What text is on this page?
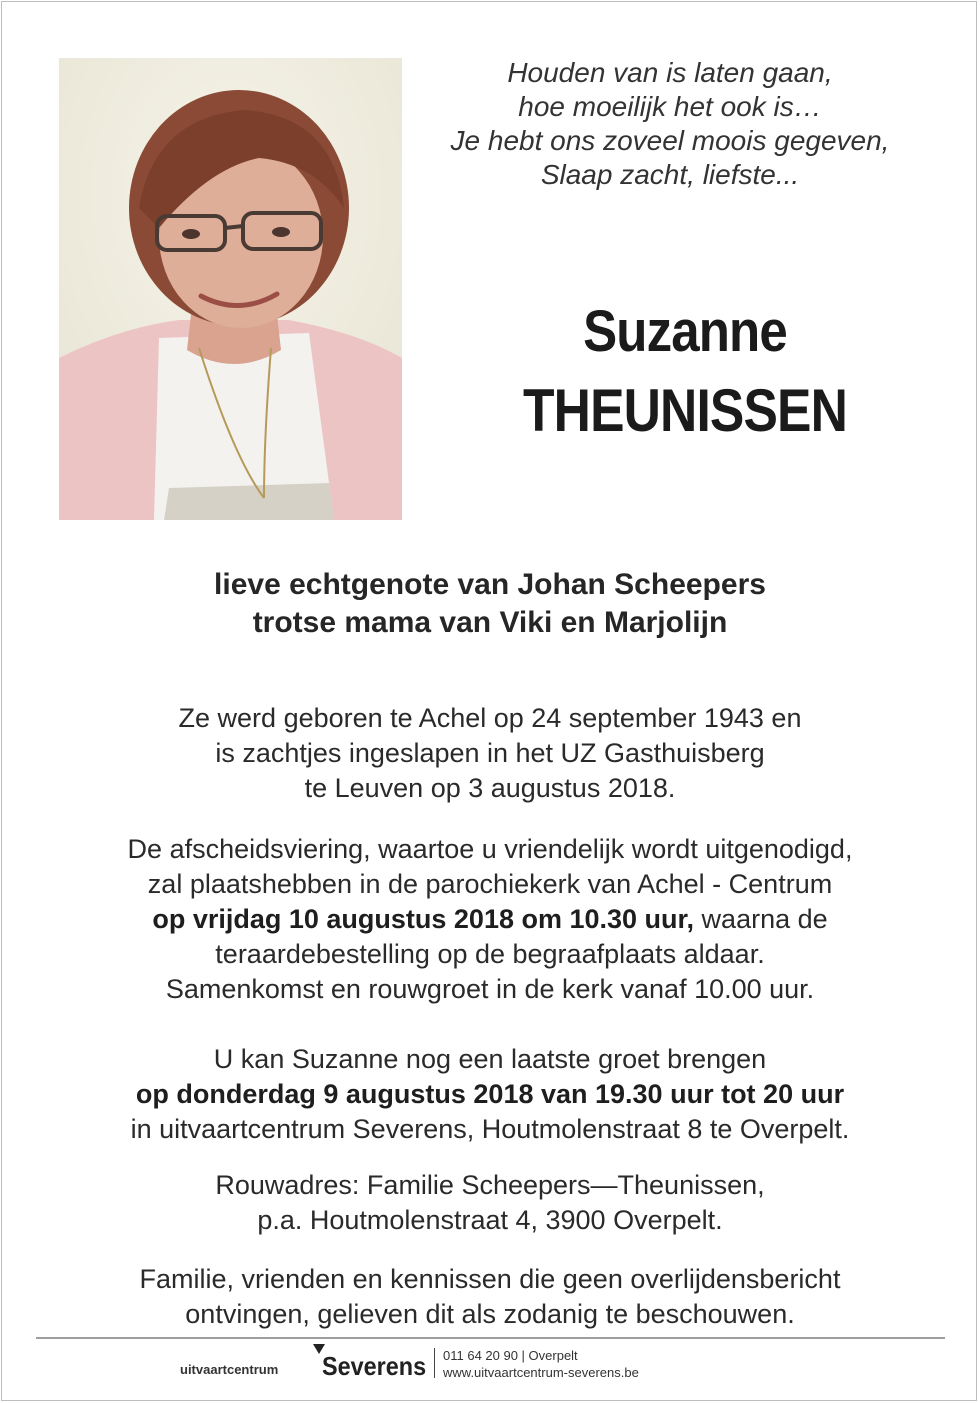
Houden van is laten gaan,
hoe moeilijk het ook is…
Je hebt ons zoveel moois gegeven,
Slaap zacht, liefste...
Suzanne
THEUNISSEN
lieve echtgenote van Johan Scheepers
trotse mama van Viki en Marjolijn
Ze werd geboren te Achel op 24 september 1943 en
is zachtjes ingeslapen in het UZ Gasthuisberg
te Leuven op 3 augustus 2018.
De afscheidsviering, waartoe u vriendelijk wordt uitgenodigd,
zal plaatshebben in de parochiekerk van Achel - Centrum
op vrijdag 10 augustus 2018 om 10.30 uur, waarna de
teraardebestelling op de begraafplaats aldaar.
Samenkomst en rouwgroet in de kerk vanaf 10.00 uur.
U kan Suzanne nog een laatste groet brengen
op donderdag 9 augustus 2018 van 19.30 uur tot 20 uur
in uitvaartcentrum Severens, Houtmolenstraat 8 te Overpelt.
Rouwadres: Familie Scheepers—Theunissen,
p.a. Houtmolenstraat 4, 3900 Overpelt.
Familie, vrienden en kennissen die geen overlijdensbericht
ontvingen, gelieven dit als zodanig te beschouwen.
uitvaartcentrum Severens 011 64 20 90 | Overpelt
www.uitvaartcentrum-severens.be
